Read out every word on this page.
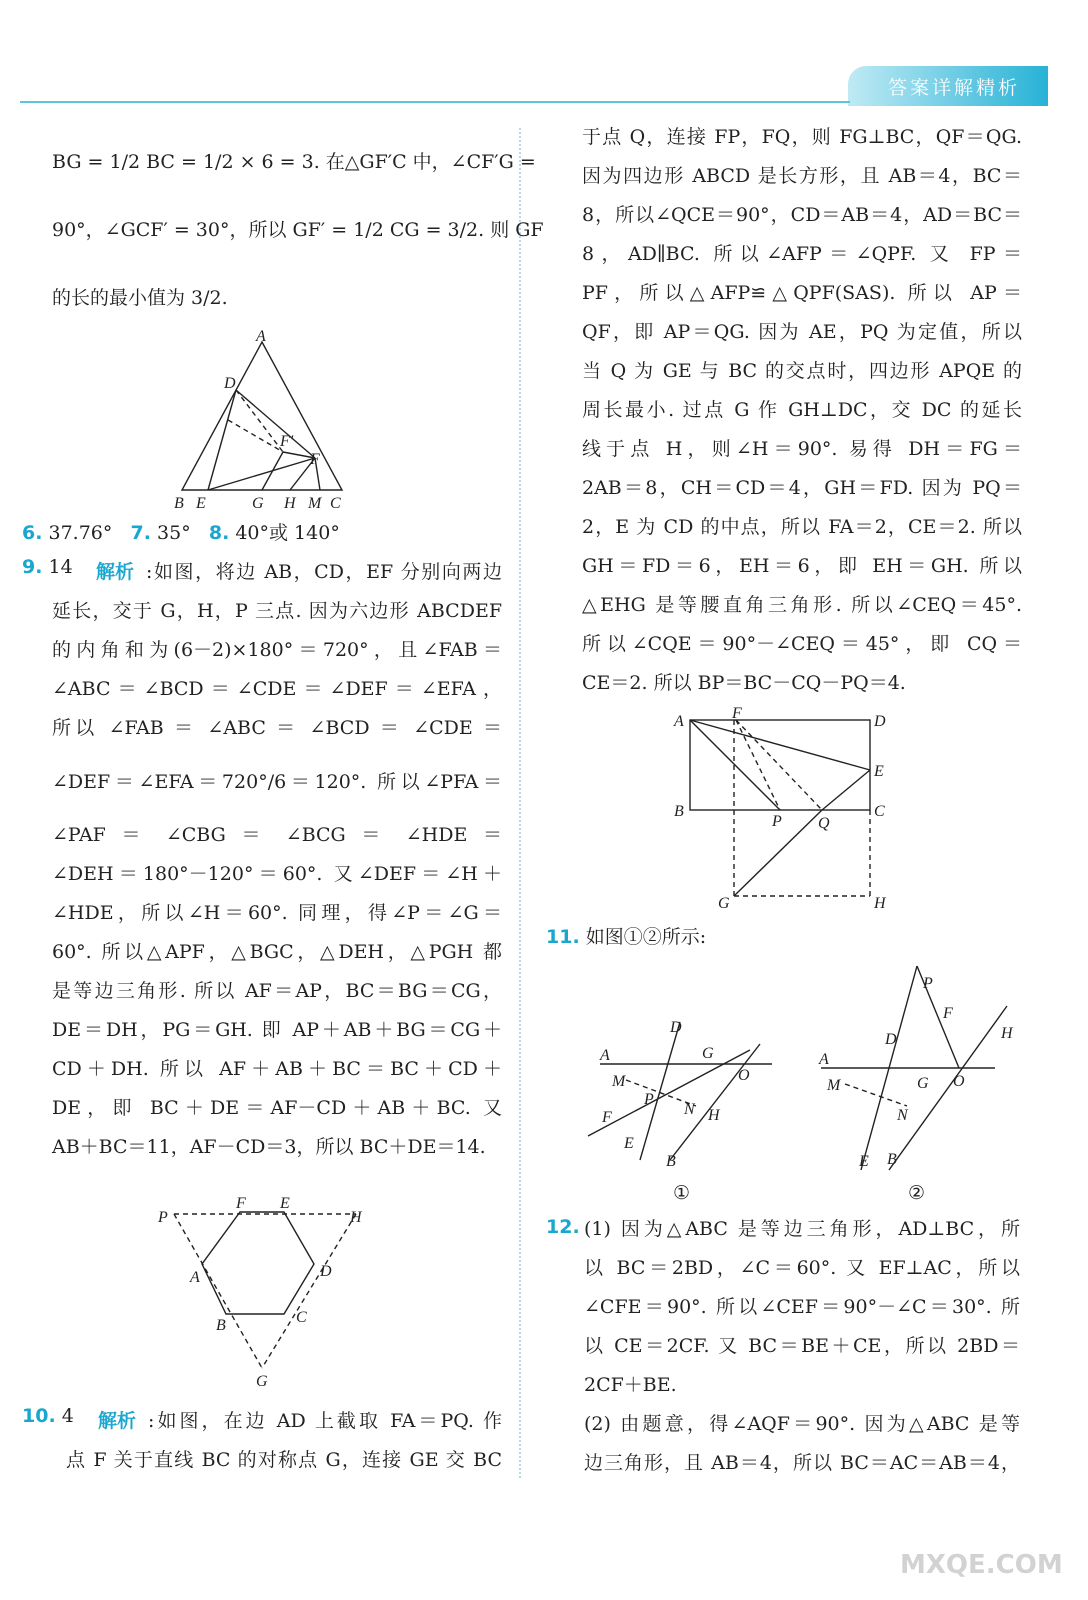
答案详解精析
BG = 1/2 BC = 1/2 × 6 = 3. 在△GF′C 中，∠CF′G =
90°，∠GCF′ = 30°，所以 GF′ = 1/2 CG = 3/2. 则 GF
的长的最小值为 3/2.
A
D
F′
F
B E	G H M C
6. 37.76° 7. 35° 8. 40°或 140°
9. 14 解析 :如图，将边 AB，CD，EF 分别向两边
延长，交于 G，H，P 三点. 因为六边形 ABCDEF
的内角和为(6－2)×180°＝720°，且∠FAB＝
∠ABC＝∠BCD＝∠CDE＝∠DEF＝∠EFA，
所以 ∠FAB ＝ ∠ABC ＝ ∠BCD ＝ ∠CDE ＝
∠DEF＝∠EFA＝720°/6＝120°. 所以∠PFA＝
∠PAF ＝ ∠CBG ＝ ∠BCG ＝ ∠HDE ＝
∠DEH＝180°－120°＝60°. 又∠DEF＝∠H＋
∠HDE，所以∠H＝60°. 同理，得∠P＝∠G＝
60°. 所以△APF，△BGC，△DEH，△PGH 都
是等边三角形. 所以 AF＝AP，BC＝BG＝CG，
DE＝DH，PG＝GH. 即 AP＋AB＋BG＝CG＋
CD＋DH. 所以 AF＋AB＋BC＝BC＋CD＋
DE，即 BC＋DE＝AF－CD＋AB＋BC. 又
AB＋BC＝11，AF－CD＝3，所以 BC＋DE＝14.
P
F E
H
A	D
B	C
G
10. 4 解析 :如图，在边 AD 上截取 FA＝PQ. 作
点 F 关于直线 BC 的对称点 G，连接 GE 交 BC
于点 Q，连接 FP，FQ，则 FG⊥BC，QF＝QG.
因为四边形 ABCD 是长方形，且 AB＝4，BC＝
8，所以∠QCE＝90°，CD＝AB＝4，AD＝BC＝
8，AD∥BC. 所以∠AFP＝∠QPF. 又 FP＝
PF，所以△AFP≌△QPF(SAS). 所以 AP＝
QF，即 AP＝QG. 因为 AE，PQ 为定值，所以
当 Q 为 GE 与 BC 的交点时，四边形 APQE 的
周长最小. 过点 G 作 GH⊥DC，交 DC 的延长
线于点 H，则∠H＝90°. 易得 DH＝FG＝
2AB＝8，CH＝CD＝4，GH＝FD. 因为 PQ＝
2，E 为 CD 的中点，所以 FA＝2，CE＝2. 所以
GH＝FD＝6，EH＝6，即 EH＝GH. 所以
△EHG 是等腰直角三角形. 所以∠CEQ＝45°.
所以∠CQE＝90°－∠CEQ＝45°，即 CQ＝
CE＝2. 所以 BP＝BC－CQ－PQ＝4.
A	F	D
E
B
P Q
C
G	H
11. 如图①②所示:
A
D
G
O
M
P
N H
F
E
B
P
F
H
A
D
G O
M
N
E B
①	②
12. (1) 因为△ABC 是等边三角形，AD⊥BC，所
以 BC＝2BD，∠C＝60°. 又 EF⊥AC，所以
∠CFE＝90°. 所以∠CEF＝90°－∠C＝30°. 所
以 CE＝2CF. 又 BC＝BE＋CE，所以 2BD＝
2CF＋BE.
(2) 由题意，得∠AQF＝90°. 因为△ABC 是等
边三角形，且 AB＝4，所以 BC＝AC＝AB＝4，
MXQE.COM
